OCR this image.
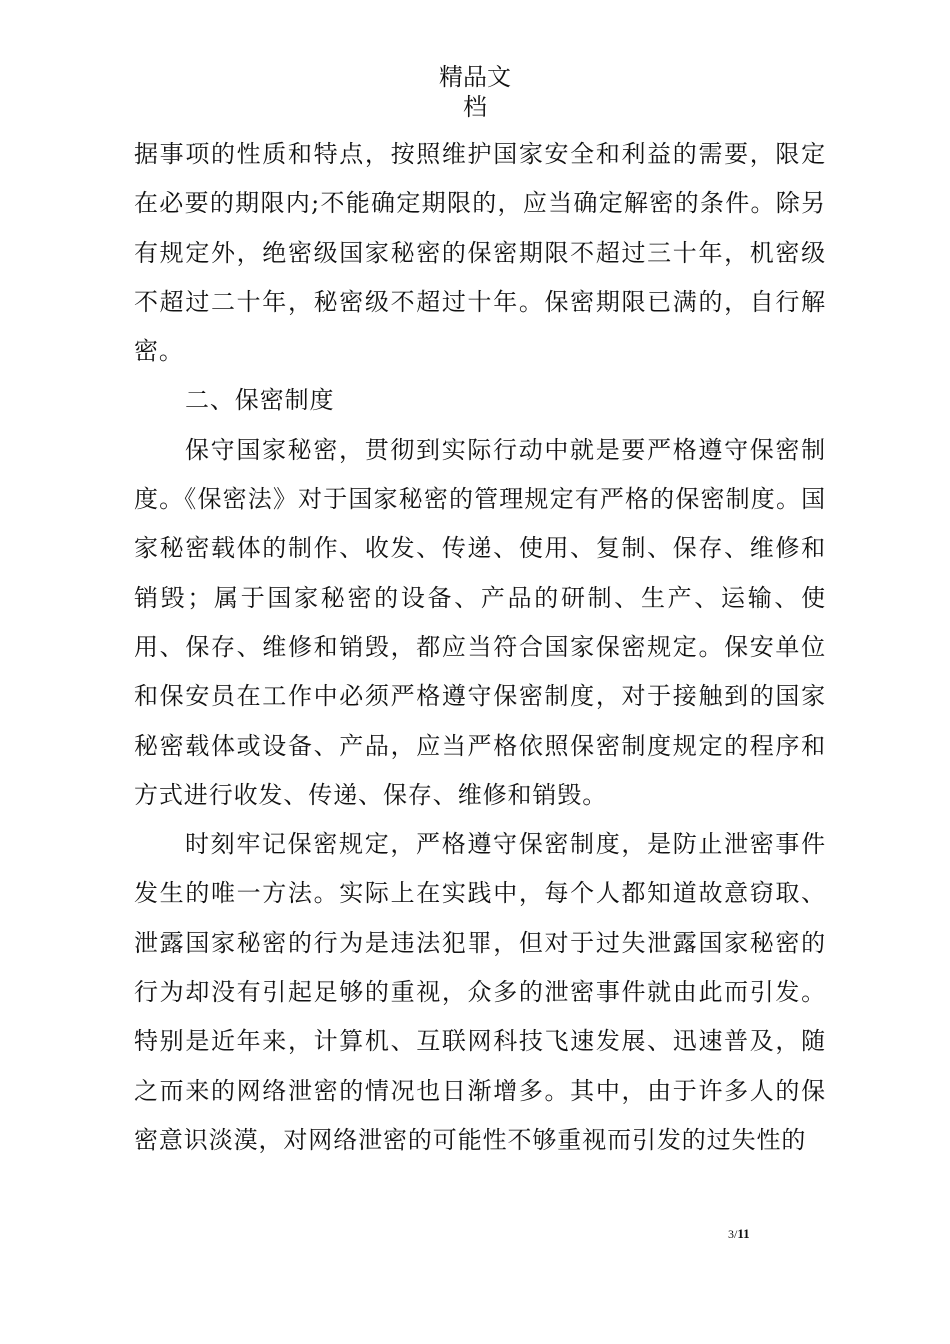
精品文
档

据事项的性质和特点，按照维护国家安全和利益的需要，限定在必要的期限内;不能确定期限的，应当确定解密的条件。除另有规定外，绝密级国家秘密的保密期限不超过三十年，机密级不超过二十年，秘密级不超过十年。保密期限已满的，自行解密。

二、保密制度

保守国家秘密，贯彻到实际行动中就是要严格遵守保密制度。《保密法》对于国家秘密的管理规定有严格的保密制度。国家秘密载体的制作、收发、传递、使用、复制、保存、维修和销毁；属于国家秘密的设备、产品的研制、生产、运输、使用、保存、维修和销毁，都应当符合国家保密规定。保安单位和保安员在工作中必须严格遵守保密制度，对于接触到的国家秘密载体或设备、产品，应当严格依照保密制度规定的程序和方式进行收发、传递、保存、维修和销毁。

时刻牢记保密规定，严格遵守保密制度，是防止泄密事件发生的唯一方法。实际上在实践中，每个人都知道故意窃取、泄露国家秘密的行为是违法犯罪，但对于过失泄露国家秘密的行为却没有引起足够的重视，众多的泄密事件就由此而引发。特别是近年来，计算机、互联网科技飞速发展、迅速普及，随之而来的网络泄密的情况也日渐增多。其中，由于许多人的保密意识淡漠，对网络泄密的可能性不够重视而引发的过失性的

3/11
